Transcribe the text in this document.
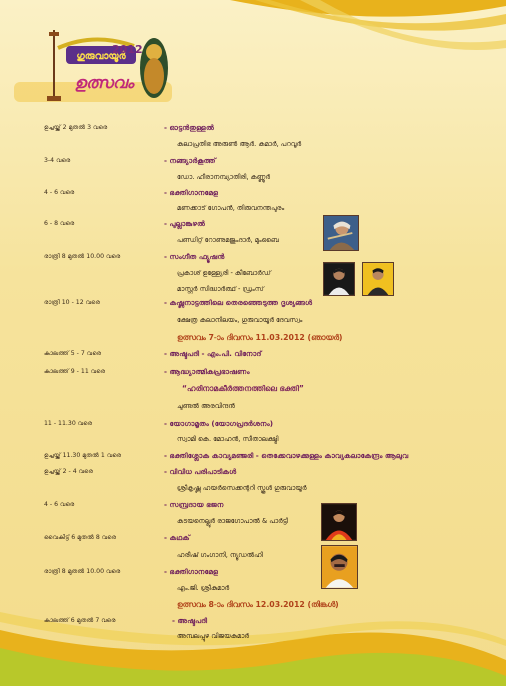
ഗുരുവായൂർ
ഉത്സവം
2012
ഉച്ചയ്ക്ക് 2 മുതൽ 3 വരെ	- ഓട്ടൻതുള്ളൽ
കലാപ്രതിഭ അരുൺ ആർ. കുമാർ, പറവൂർ
3-4 വരെ	- നങ്ങ്യാർകൂത്ത്
ഡോ. ഹീരാനമ്പ്യാതിരി, കണ്ണൂർ
4 - 6 വരെ	- ഭക്തിഗാനമേള
മണക്കാട് ഗോപൻ, തിരുവനന്തപുരം
6 - 8 വരെ	- പുല്ലാങ്കുഴൽ
പണ്ഡിറ്റ് റോണുമജുംദാർ, മുംബൈ
രാത്രി 8 മുതൽ 10.00 വരെ	- സംഗീത ഫ്യൂഷൻ
പ്രകാശ് ഉള്ള്യേരി - കീബോർഡ്
മാസ്റ്റർ സിദ്ധാർത്ഥ് - ഡ്രംസ്
രാത്രി 10 - 12 വരെ	- കഷ്ണനാട്ടത്തിലെ തെരഞ്ഞെടുത്ത ദൃശ്യങ്ങൾ
ക്ഷേത്ര കലാനിലയം, ഗുരുവായൂർ ദേവസ്വം
ഉത്സവം 7-ാം ദിവസം 11.03.2012 (ഞായർ)
കാലത്ത് 5 - 7 വരെ	- അഷ്ടപദി - എം.പി. വിനോദ്
കാലത്ത് 9 - 11 വരെ	- ആദ്ധ്യാത്മികപ്രഭാഷണം
“ഹരിനാമകീർത്തനത്തിലെ ഭക്തി”
ചുണ്ടൽ അരവിന്ദൻ
11 - 11.30 വരെ	- യോഗാമൃതം (യോഗപ്രദർശനം)
സ്വാമി കെ. മോഹൻ, സീതാലക്ഷ്മി
ഉച്ചയ്ക്ക് 11.30 മുതൽ 1 വരെ	- ഭക്തിശ്ലോക കാവ്യമഞ്ജരി - തെക്കേവാഴക്കുള്ളം കാവ്യകലാകേന്ദ്രം ആലുവ
ഉച്ചയ്ക്ക് 2 - 4 വരെ	- വിവിധ പരിപാടികൾ
ശ്രീകൃഷ്ണ ഹയർസെക്കന്ററി സ്കൂൾ ഗുരുവായൂർ
4 - 6 വരെ	- സമ്പ്രദായ ഭജന
കടയനെല്ലൂർ രാജഗോപാൽ & പാർട്ടി
വൈകിട്ട് 6 മുതൽ 8 വരെ	- കഥക്
ഹരീഷ് ഗംഗാനി, ന്യൂഡൽഹി
രാത്രി 8 മുതൽ 10.00 വരെ	- ഭക്തിഗാനമേള
എം.ജി. ശ്രീകുമാർ
ഉത്സവം 8-ാം ദിവസം 12.03.2012 (തിങ്കൾ)
കാലത്ത് 6 മുതൽ 7 വരെ	- അഷ്ടപദി
അമ്പലപ്പുഴ വിജയകുമാർ
